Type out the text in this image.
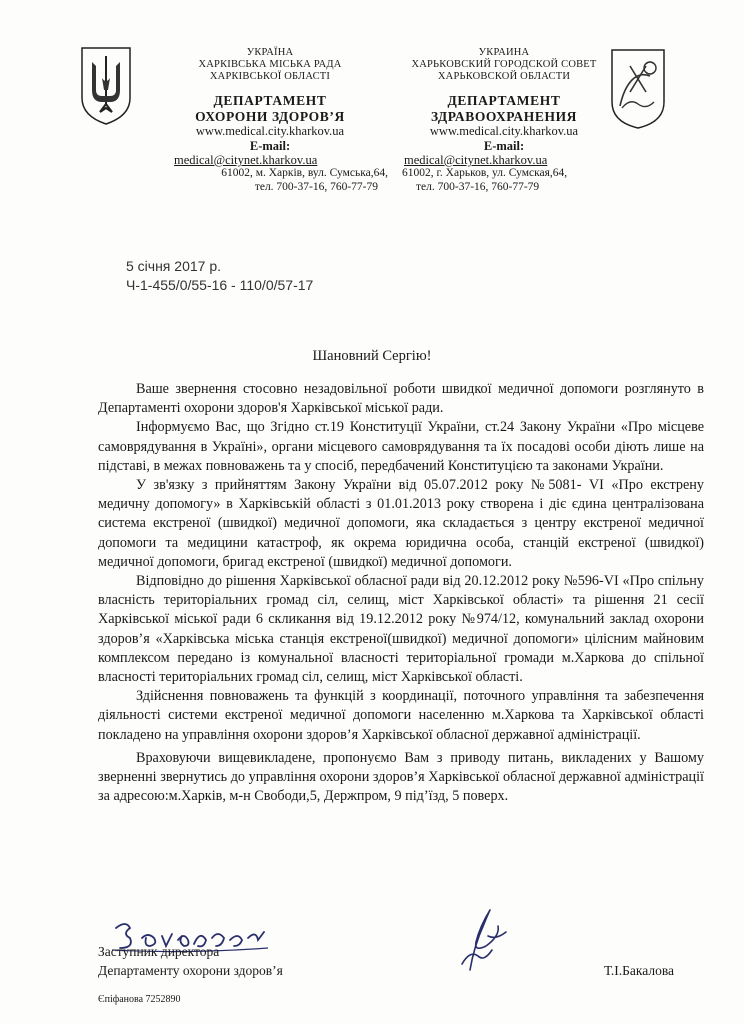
УКРАЇНА
ХАРКІВСЬКА МІСЬКА РАДА
ХАРКІВСЬКОЇ ОБЛАСТІ
ДЕПАРТАМЕНТ
ОХОРОНИ ЗДОРОВ’Я
www.medical.city.kharkov.ua
E-mail:
medical@citynet.kharkov.ua
61002, м. Харків, вул. Сумська,64,
тел. 700-37-16, 760-77-79
УКРАИНА
ХАРЬКОВСКИЙ ГОРОДСКОЙ СОВЕТ
ХАРЬКОВСКОЙ ОБЛАСТИ
ДЕПАРТАМЕНТ
ЗДРАВООХРАНЕНИЯ
www.medical.city.kharkov.ua
E-mail:
medical@citynet.kharkov.ua
61002, г. Харьков, ул. Сумская,64,
тел. 700-37-16, 760-77-79
5 січня 2017 р.
Ч-1-455/0/55-16 - 110/0/57-17
Шановний Сергію!

Ваше звернення стосовно незадовільної роботи швидкої медичної допомоги розглянуто в Департаменті охорони здоров'я Харківської міської ради.

Інформуємо Вас, що Згідно ст.19 Конституції України, ст.24 Закону України «Про місцеве самоврядування в Україні», органи місцевого самоврядування та їх посадові особи діють лише на підставі, в межах повноважень та у спосіб, передбачений Конституцією та законами України.

У зв'язку з прийняттям Закону України від 05.07.2012 року №5081- VI «Про екстрену медичну допомогу» в Харківській області з 01.01.2013 року створена і діє єдина централізована система екстреної (швидкої) медичної допомоги, яка складається з центру екстреної медичної допомоги та медицини катастроф, як окрема юридична особа, станцій екстреної (швидкої) медичної допомоги, бригад екстреної (швидкої) медичної допомоги.

Відповідно до рішення Харківської обласної ради від 20.12.2012 року №596-VI «Про спільну власність територіальних громад сіл, селищ, міст Харківської області» та рішення 21 сесії Харківської міської ради 6 скликання від 19.12.2012 року №974/12, комунальний заклад охорони здоров’я «Харківська міська станція екстреної(швидкої) медичної допомоги» цілісним майновим комплексом передано із комунальної власності територіальної громади м.Харкова до спільної власності територіальних громад сіл, селищ, міст Харківської області.

Здійснення повноважень та функцій з координації, поточного управління та забезпечення діяльності системи екстреної медичної допомоги населенню м.Харкова та Харківської області покладено на управління охорони здоров’я Харківської обласної державної адміністрації.

Враховуючи вищевикладене, пропонуємо Вам з приводу питань, викладених у Вашому зверненні звернутись до управління охорони здоров’я Харківської обласної державної адміністрації за адресою:м.Харків, м-н Свободи,5, Держпром, 9 під’їзд, 5 поверх.

Заступник директора
Департаменту охорони здоров’я	Т.І.Бакалова
Єпіфанова 7252890
